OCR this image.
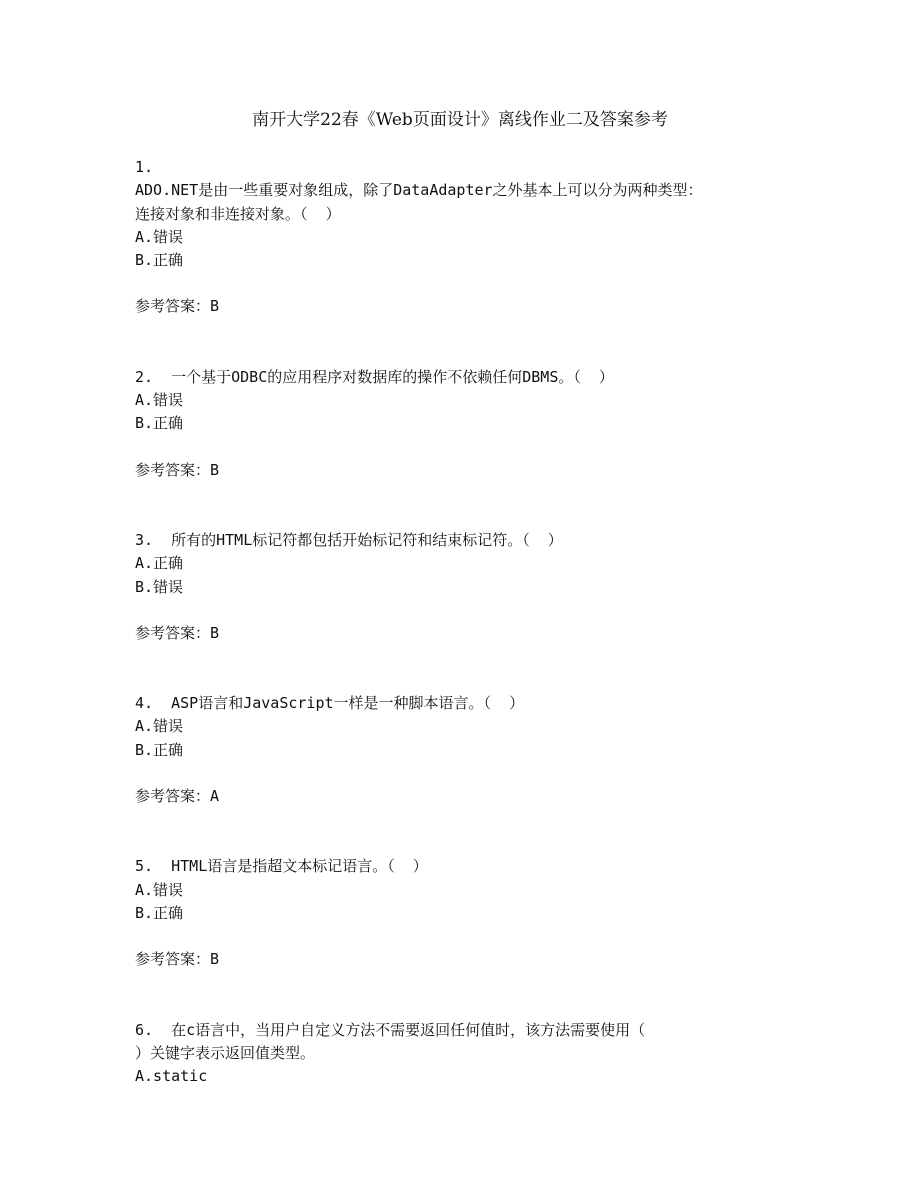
南开大学22春《Web页面设计》离线作业二及答案参考
1.
ADO.NET是由一些重要对象组成，除了DataAdapter之外基本上可以分为两种类型：
连接对象和非连接对象。（  ）
A.错误
B.正确
参考答案：B
2.  一个基于ODBC的应用程序对数据库的操作不依赖任何DBMS。（  ）
A.错误
B.正确
参考答案：B
3.  所有的HTML标记符都包括开始标记符和结束标记符。（  ）
A.正确
B.错误
参考答案：B
4.  ASP语言和JavaScript一样是一种脚本语言。（  ）
A.错误
B.正确
参考答案：A
5.  HTML语言是指超文本标记语言。（  ）
A.错误
B.正确
参考答案：B
6.  在c语言中，当用户自定义方法不需要返回任何值时，该方法需要使用（
）关键字表示返回值类型。
A.static
